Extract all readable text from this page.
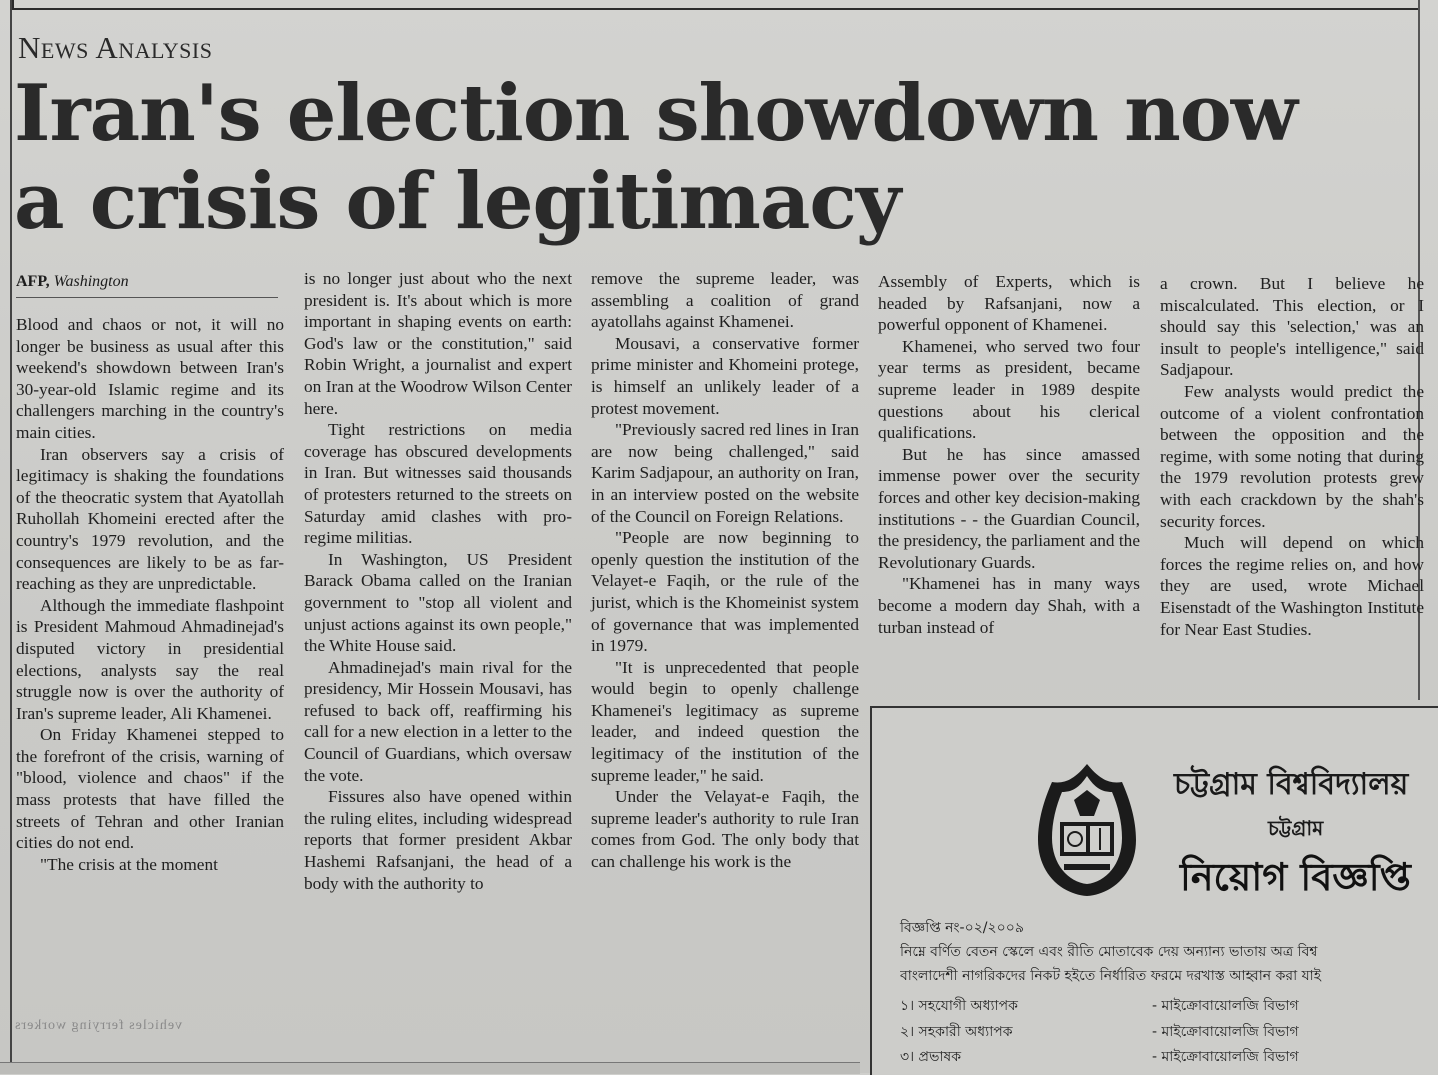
News Analysis
Iran's election showdown now
a crisis of legitimacy
AFP, Washington

Blood and chaos or not, it will no longer be business as usual after this weekend's showdown between Iran's 30-year-old Islamic regime and its challengers marching in the country's main cities.

Iran observers say a crisis of legitimacy is shaking the foundations of the theocratic system that Ayatollah Ruhollah Khomeini erected after the country's 1979 revolution, and the consequences are likely to be as far-reaching as they are unpredictable.

Although the immediate flashpoint is President Mahmoud Ahmadinejad's disputed victory in presidential elections, analysts say the real struggle now is over the authority of Iran's supreme leader, Ali Khamenei.

On Friday Khamenei stepped to the forefront of the crisis, warning of "blood, violence and chaos" if the mass protests that have filled the streets of Tehran and other Iranian cities do not end.

"The crisis at the moment

is no longer just about who the next president is. It's about which is more important in shaping events on earth: God's law or the constitution," said Robin Wright, a journalist and expert on Iran at the Woodrow Wilson Center here.

Tight restrictions on media coverage has obscured developments in Iran. But witnesses said thousands of protesters returned to the streets on Saturday amid clashes with pro-regime militias.

In Washington, US President Barack Obama called on the Iranian government to "stop all violent and unjust actions against its own people," the White House said.

Ahmadinejad's main rival for the presidency, Mir Hossein Mousavi, has refused to back off, reaffirming his call for a new election in a letter to the Council of Guardians, which oversaw the vote.

Fissures also have opened within the ruling elites, including widespread reports that former president Akbar Hashemi Rafsanjani, the head of a body with the authority to

remove the supreme leader, was assembling a coalition of grand ayatollahs against Khamenei.

Mousavi, a conservative former prime minister and Khomeini protege, is himself an unlikely leader of a protest movement.

"Previously sacred red lines in Iran are now being challenged," said Karim Sadjapour, an authority on Iran, in an interview posted on the website of the Council on Foreign Relations.

"People are now beginning to openly question the institution of the Velayet-e Faqih, or the rule of the jurist, which is the Khomeinist system of governance that was implemented in 1979.

"It is unprecedented that people would begin to openly challenge Khamenei's legitimacy as supreme leader, and indeed question the legitimacy of the institution of the supreme leader," he said.

Under the Velayat-e Faqih, the supreme leader's authority to rule Iran comes from God. The only body that can challenge his work is the

Assembly of Experts, which is headed by Rafsanjani, now a powerful opponent of Khamenei.

Khamenei, who served two four year terms as president, became supreme leader in 1989 despite questions about his clerical qualifications.

But he has since amassed immense power over the security forces and other key decision-making institutions - - the Guardian Council, the presidency, the parliament and the Revolutionary Guards.

"Khamenei has in many ways become a modern day Shah, with a turban instead of

a crown. But I believe he miscalculated. This election, or I should say this 'selection,' was an insult to people's intelligence," said Sadjapour.

Few analysts would predict the outcome of a violent confrontation between the opposition and the regime, with some noting that during the 1979 revolution protests grew with each crackdown by the shah's security forces.

Much will depend on which forces the regime relies on, and how they are used, wrote Michael Eisenstadt of the Washington Institute for Near East Studies.

vehicles ferrying workers
চট্টগ্রাম বিশ্ববিদ্যালয়
চট্টগ্রাম
নিয়োগ বিজ্ঞপ্তি
বিজ্ঞপ্তি নং-০২/২০০৯
নিম্নে বর্ণিত বেতন স্কেলে এবং রীতি মোতাবেক দেয় অন্যান্য ভাতায় অত্র বিশ্ব
বাংলাদেশী নাগরিকদের নিকট হইতে নির্ধারিত ফরমে দরখাস্ত আহ্বান করা যাই
১। সহযোগী অধ্যাপক	- মাইক্রোবায়োলজি বিভাগ
২। সহকারী অধ্যাপক	- মাইক্রোবায়োলজি বিভাগ
৩। প্রভাষক	- মাইক্রোবায়োলজি বিভাগ
